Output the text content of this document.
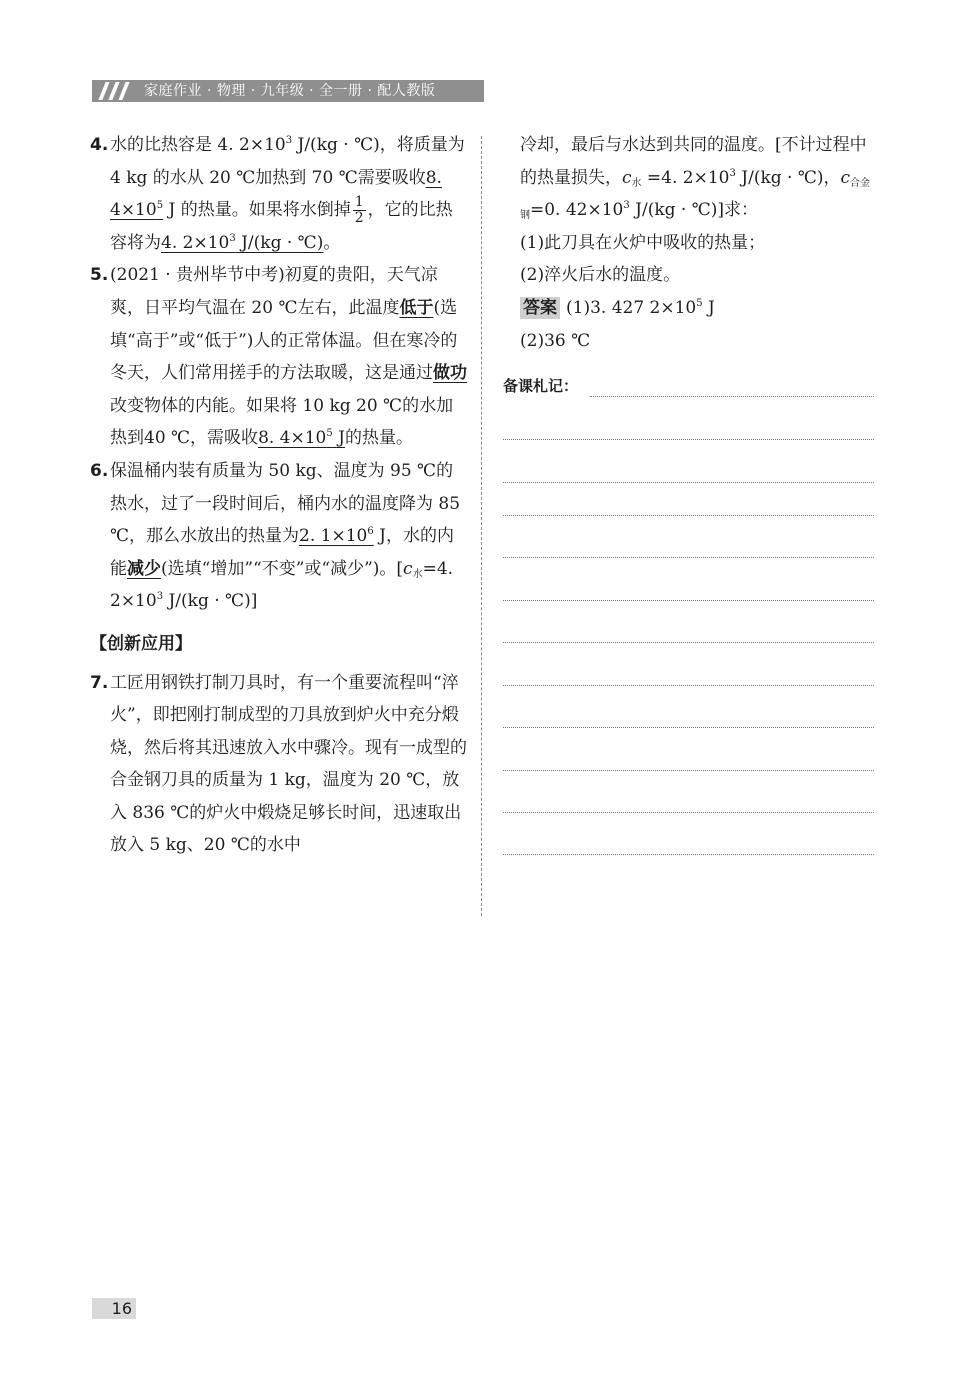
家庭作业 · 物理 · 九年级 · 全一册 · 配人教版
4. 水的比热容是 4. $2\times 10^3$ J/(kg · ℃)，将质量为4 kg 的水从 20 ℃加热到 70 ℃需要吸收8. $4\times 10^5$ J 的热量。如果将水倒掉 $\frac{1}{2}$ ，它的比热容将为4. $2\times 10^3$ J/(kg · ℃)。
5. (2021 · 贵州毕节中考)初夏的贵阳，天气凉爽，日平均气温在 20 ℃左右，此温度低于(选填“高于”或“低于”)人的正常体温。但在寒冷的冬天，人们常用搓手的方法取暖，这是通过做功改变物体的内能。如果将 10 kg 20 ℃的水加热到40 ℃，需吸收8. $4\times 10^5$ J的热量。
6. 保温桶内装有质量为 50 kg、温度为 95 ℃的热水，过了一段时间后，桶内水的温度降为 85 ℃，那么水放出的热量为2. $1\times 10^6$ J，水的内能减少(选填“增加”“不变”或“减少”)。[$c_水=4$. $2\times 10^3$ J/(kg · ℃)]
【创新应用】
7. 工匠用钢铁打制刀具时，有一个重要流程叫“淬火”，即把刚打制成型的刀具放到炉火中充分煅烧，然后将其迅速放入水中骤冷。现有一成型的合金钢刀具的质量为 1 kg，温度为 20 ℃，放入 836 ℃的炉火中煅烧足够长时间，迅速取出放入 5 kg、20 ℃的水中
冷却，最后与水达到共同的温度。[不计过程中的热量损失，$c_水 =4$. $2\times 10^3$ J/(kg · ℃)，$c_{合金钢}=0$. $42\times 10^3$ J/(kg · ℃)]求：
(1)此刀具在火炉中吸收的热量；
(2)淬火后水的温度。
答案 (1)3. 427 $2\times 10^5$ J
(2)36 ℃
备课札记：
16
